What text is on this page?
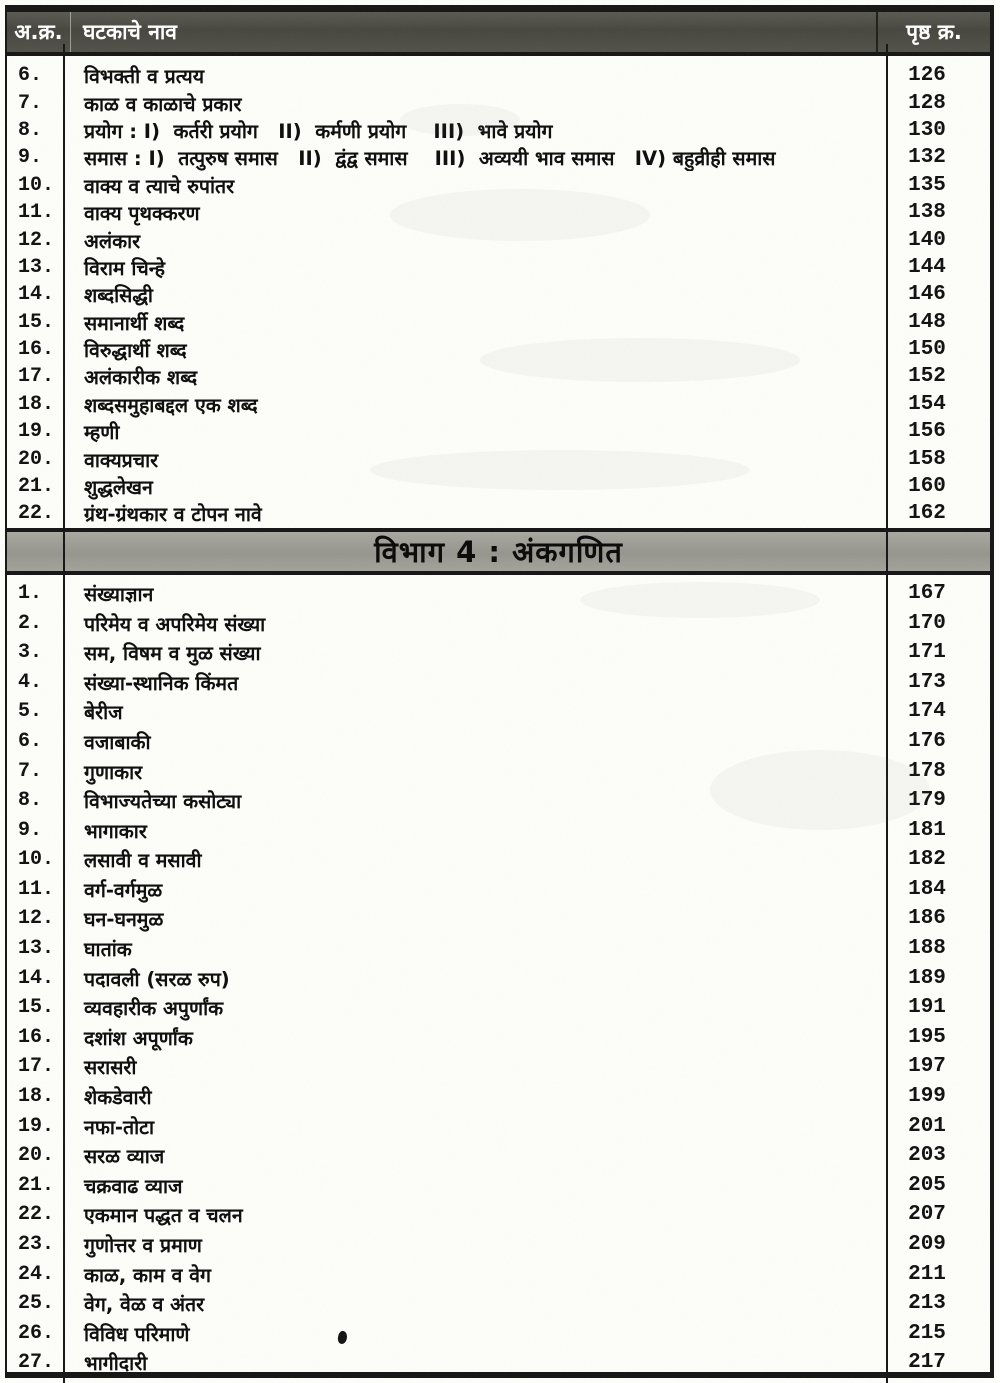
अ.क्र. घटकाचे नाव	पृष्ठ क्र.
6.	विभक्ती व प्रत्यय	126
7.	काळ व काळाचे प्रकार	128
8.	प्रयोग : I)  कर्तरी प्रयोग   II)  कर्मणी प्रयोग    III)  भावे प्रयोग	130
9.	समास : I)  तत्पुरुष समास   II)  द्वंद्व समास    III)  अव्ययी भाव समास   IV) बहुव्रीही समास	132
10.	वाक्य व त्याचे रुपांतर	135
11.	वाक्य पृथक्करण	138
12.	अलंकार	140
13.	विराम चिन्हे	144
14.	शब्दसिद्धी	146
15.	समानार्थी शब्द	148
16.	विरुद्धार्थी शब्द	150
17.	अलंकारीक शब्द	152
18.	शब्दसमुहाबद्दल एक शब्द	154
19.	म्हणी	156
20.	वाक्यप्रचार	158
21.	शुद्धलेखन	160
22.	ग्रंथ-ग्रंथकार व टोपन नावे	162
विभाग 4 : अंकगणित
1.	संख्याज्ञान	167
2.	परिमेय व अपरिमेय संख्या	170
3.	सम, विषम व मुळ संख्या	171
4.	संख्या-स्थानिक किंमत	173
5.	बेरीज	174
6.	वजाबाकी	176
7.	गुणाकार	178
8.	विभाज्यतेच्या कसोट्या	179
9.	भागाकार	181
10.	लसावी व मसावी	182
11.	वर्ग-वर्गमुळ	184
12.	घन-घनमुळ	186
13.	घातांक	188
14.	पदावली (सरळ रुप)	189
15.	व्यवहारीक अपुर्णांक	191
16.	दशांश अपूर्णांक	195
17.	सरासरी	197
18.	शेकडेवारी	199
19.	नफा-तोटा	201
20.	सरळ व्याज	203
21.	चक्रवाढ व्याज	205
22.	एकमान पद्धत व चलन	207
23.	गुणोत्तर व प्रमाण	209
24.	काळ, काम व वेग	211
25.	वेग, वेळ व अंतर	213
26.	विविध परिमाणे	215
27.	भागीदारी	217
